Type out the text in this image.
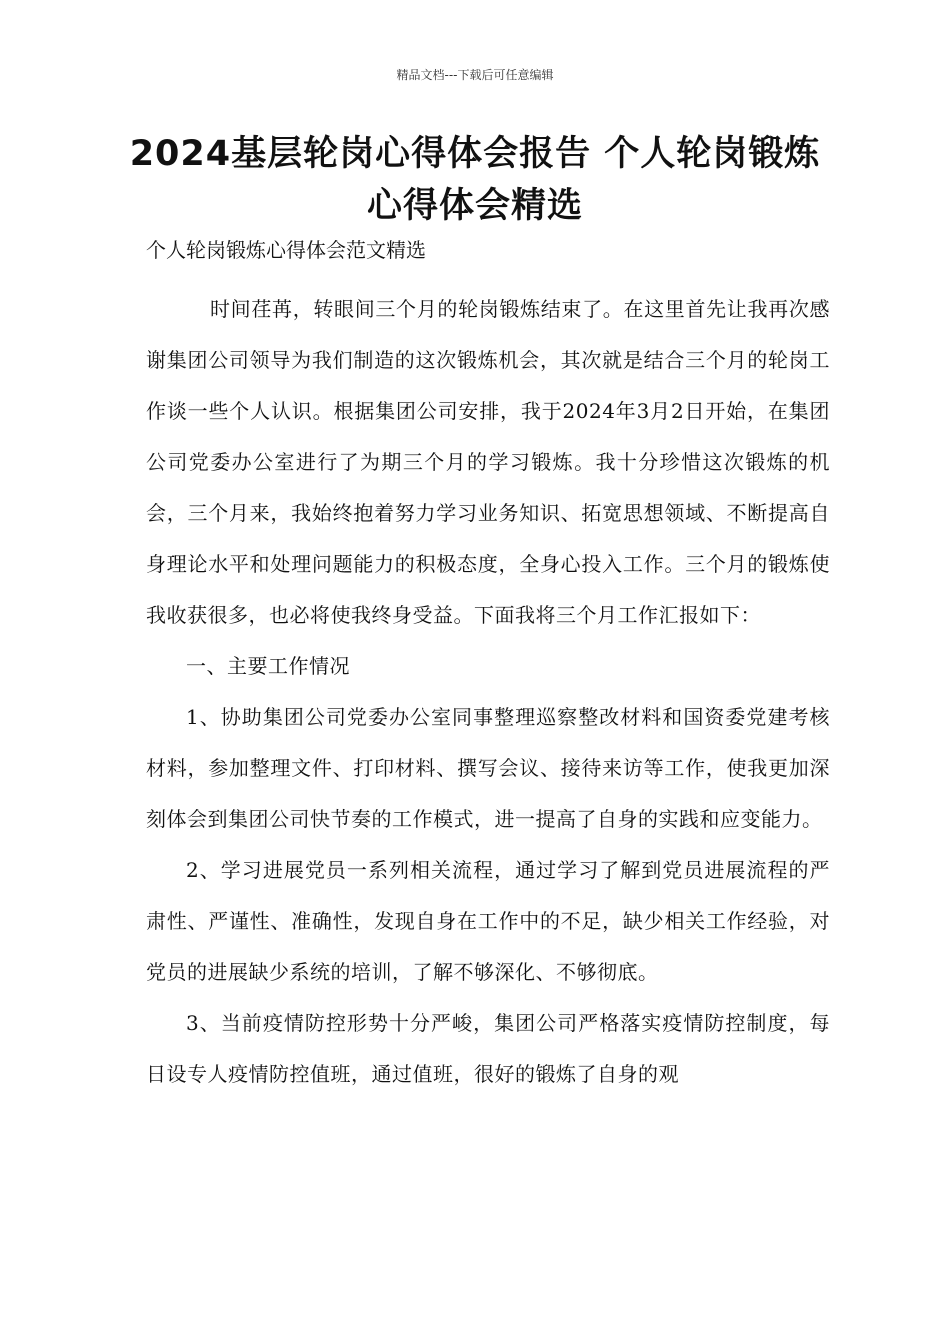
精品文档---下载后可任意编辑
2024基层轮岗心得体会报告 个人轮岗锻炼心得体会精选
个人轮岗锻炼心得体会范文精选

时间荏苒，转眼间三个月的轮岗锻炼结束了。在这里首先让我再次感谢集团公司领导为我们制造的这次锻炼机会，其次就是结合三个月的轮岗工作谈一些个人认识。根据集团公司安排，我于2024年3月2日开始，在集团公司党委办公室进行了为期三个月的学习锻炼。我十分珍惜这次锻炼的机会，三个月来，我始终抱着努力学习业务知识、拓宽思想领域、不断提高自身理论水平和处理问题能力的积极态度，全身心投入工作。三个月的锻炼使我收获很多，也必将使我终身受益。下面我将三个月工作汇报如下：

一、主要工作情况

1、协助集团公司党委办公室同事整理巡察整改材料和国资委党建考核材料，参加整理文件、打印材料、撰写会议、接待来访等工作，使我更加深刻体会到集团公司快节奏的工作模式，进一提高了自身的实践和应变能力。

2、学习进展党员一系列相关流程，通过学习了解到党员进展流程的严肃性、严谨性、准确性，发现自身在工作中的不足，缺少相关工作经验，对党员的进展缺少系统的培训，了解不够深化、不够彻底。

3、当前疫情防控形势十分严峻，集团公司严格落实疫情防控制度，每日设专人疫情防控值班，通过值班，很好的锻炼了自身的观
